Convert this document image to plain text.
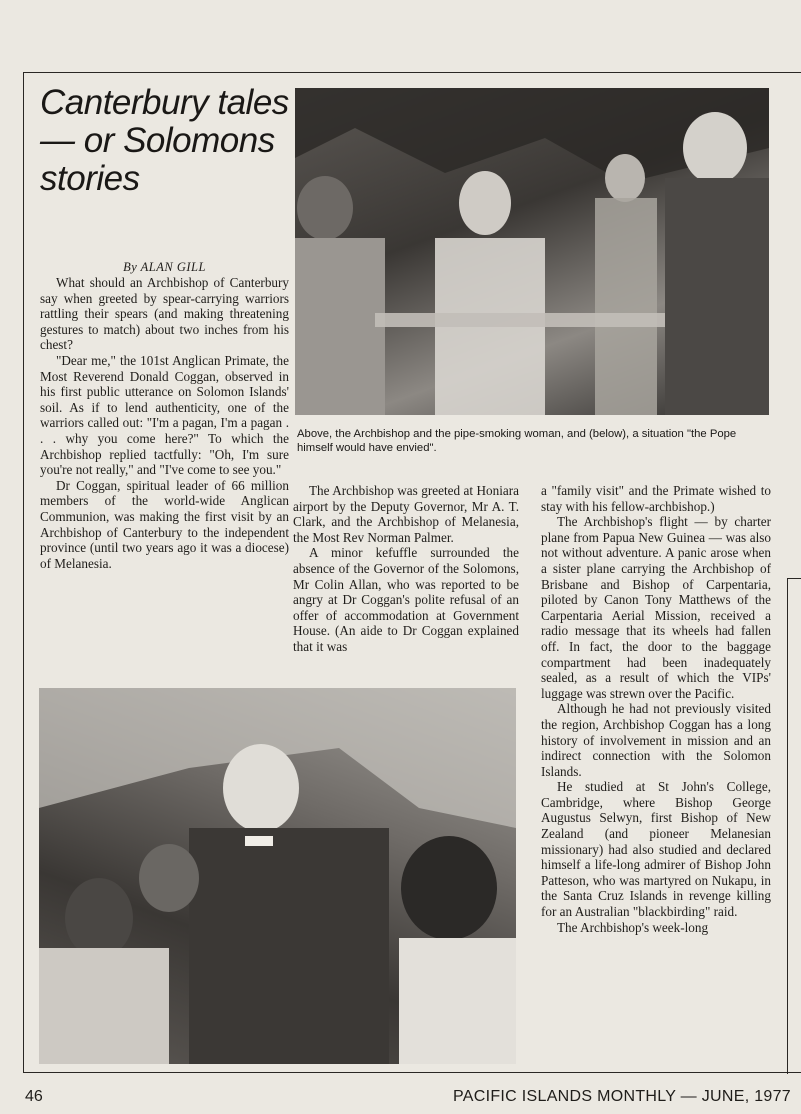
Canterbury tales — or Solomons stories
By ALAN GILL

What should an Archbishop of Canterbury say when greeted by spear-carrying warriors rattling their spears (and making threatening gestures to match) about two inches from his chest?

"Dear me," the 101st Anglican Primate, the Most Reverend Donald Coggan, observed in his first public utterance on Solomon Islands' soil. As if to lend authenticity, one of the warriors called out: "I'm a pagan, I'm a pagan . . . why you come here?" To which the Archbishop replied tactfully: "Oh, I'm sure you're not really," and "I've come to see you."

Dr Coggan, spiritual leader of 66 million members of the world-wide Anglican Communion, was making the first visit by an Archbishop of Canterbury to the independent province (until two years ago it was a diocese) of Melanesia.

Above, the Archbishop and the pipe-smoking woman, and (below), a situation "the Pope himself would have envied".

The Archbishop was greeted at Honiara airport by the Deputy Governor, Mr A. T. Clark, and the Archbishop of Melanesia, the Most Rev Norman Palmer.

A minor kefuffle surrounded the absence of the Governor of the Solomons, Mr Colin Allan, who was reported to be angry at Dr Coggan's polite refusal of an offer of accommodation at Government House. (An aide to Dr Coggan explained that it was

a "family visit" and the Primate wished to stay with his fellow-archbishop.)

The Archbishop's flight — by charter plane from Papua New Guinea — was also not without adventure. A panic arose when a sister plane carrying the Archbishop of Brisbane and Bishop of Carpentaria, piloted by Canon Tony Matthews of the Carpentaria Aerial Mission, received a radio message that its wheels had fallen off. In fact, the door to the baggage compartment had been inadequately sealed, as a result of which the VIPs' luggage was strewn over the Pacific.

Although he had not previously visited the region, Archbishop Coggan has a long history of involvement in mission and an indirect connection with the Solomon Islands.

He studied at St John's College, Cambridge, where Bishop George Augustus Selwyn, first Bishop of New Zealand (and pioneer Melanesian missionary) had also studied and declared himself a life-long admirer of Bishop John Patteson, who was martyred on Nukapu, in the Santa Cruz Islands in revenge killing for an Australian "blackbirding" raid.

The Archbishop's week-long

46	PACIFIC ISLANDS MONTHLY — JUNE, 1977
